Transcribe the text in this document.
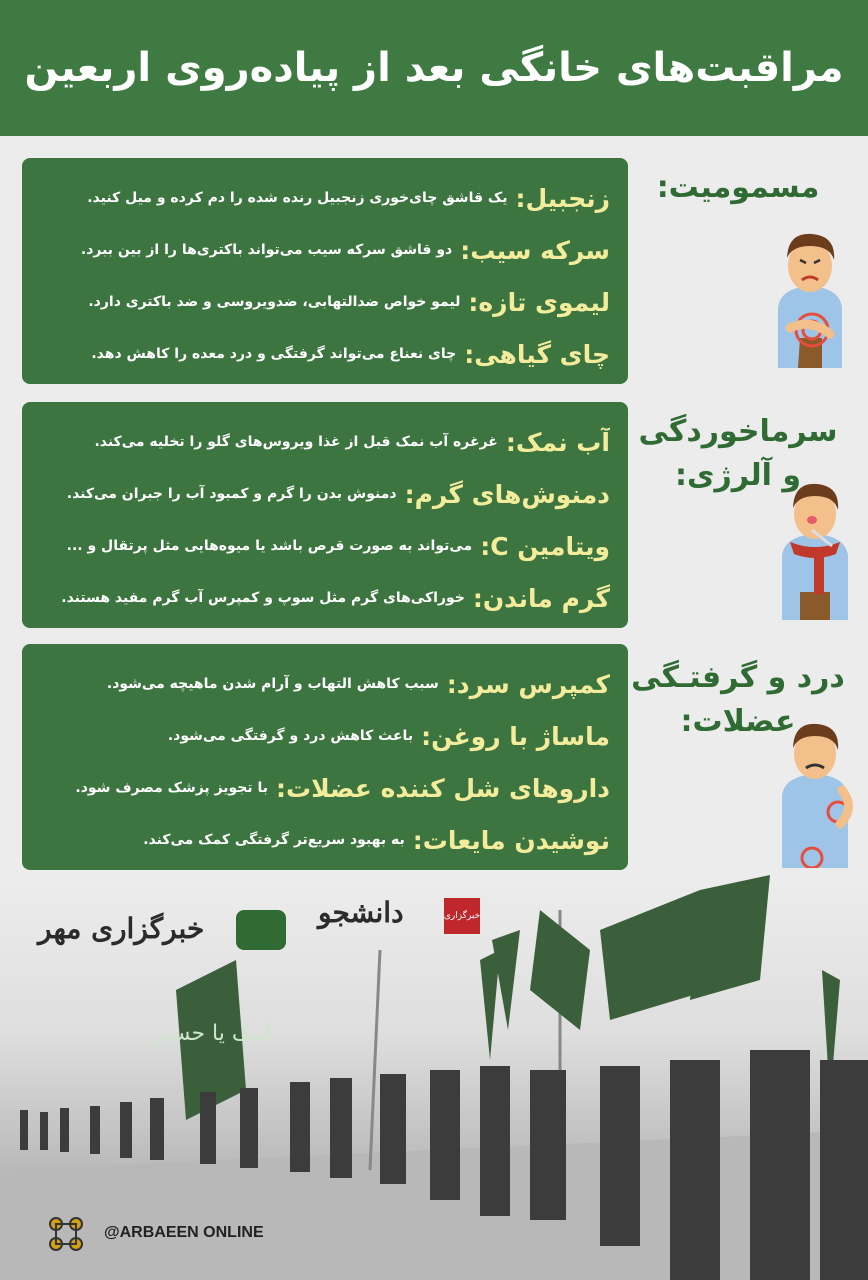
مراقبت‌های خانگی بعد از پیاده‌روی اربعین
زنجبیل
:
یک قاشق چای‌خوری زنجبیل رنده شده را دم کرده و میل کنید.
سرکه سیب
:
دو قاشق سرکه سیب می‌تواند باکتری‌ها را از بین ببرد.
لیموی تازه
:
لیمو خواص ضدالتهابی، ضدویروسی و ضد باکتری دارد.
چای گیاهی
:
چای نعناع می‌تواند گرفتگی و درد معده را کاهش دهد.
مسمومیت:
آب نمک
:
غرغره آب نمک قبل از غذا ویروس‌های گلو را تخلیه می‌کند.
دمنوش‌های گرم
:
دمنوش بدن را گرم و کمبود آب را جبران می‌کند.
ویتامین C
:
می‌تواند به صورت قرص باشد یا میوه‌هایی مثل پرتقال و ...
گرم ماندن
:
خوراکی‌های گرم مثل سوپ و کمپرس آب گرم مفید هستند.
سرماخوردگی
و آلرژی:
کمپرس سرد
:
سبب کاهش التهاب و آرام شدن ماهیچه می‌شود.
ماساژ با روغن
:
باعث کاهش درد و گرفتگی می‌شود.
داروهای شل کننده عضلات
:
با تجویز پزشک مصرف شود.
نوشیدن مایعات
:
به بهبود سریع‌تر گرفتگی کمک می‌کند.
درد و گرفتـگی
عضلات:
لبیک یا حسین
خبرگزاری مهر	دانشجو	خبرگزاری
@ARBAEEN ONLINE
